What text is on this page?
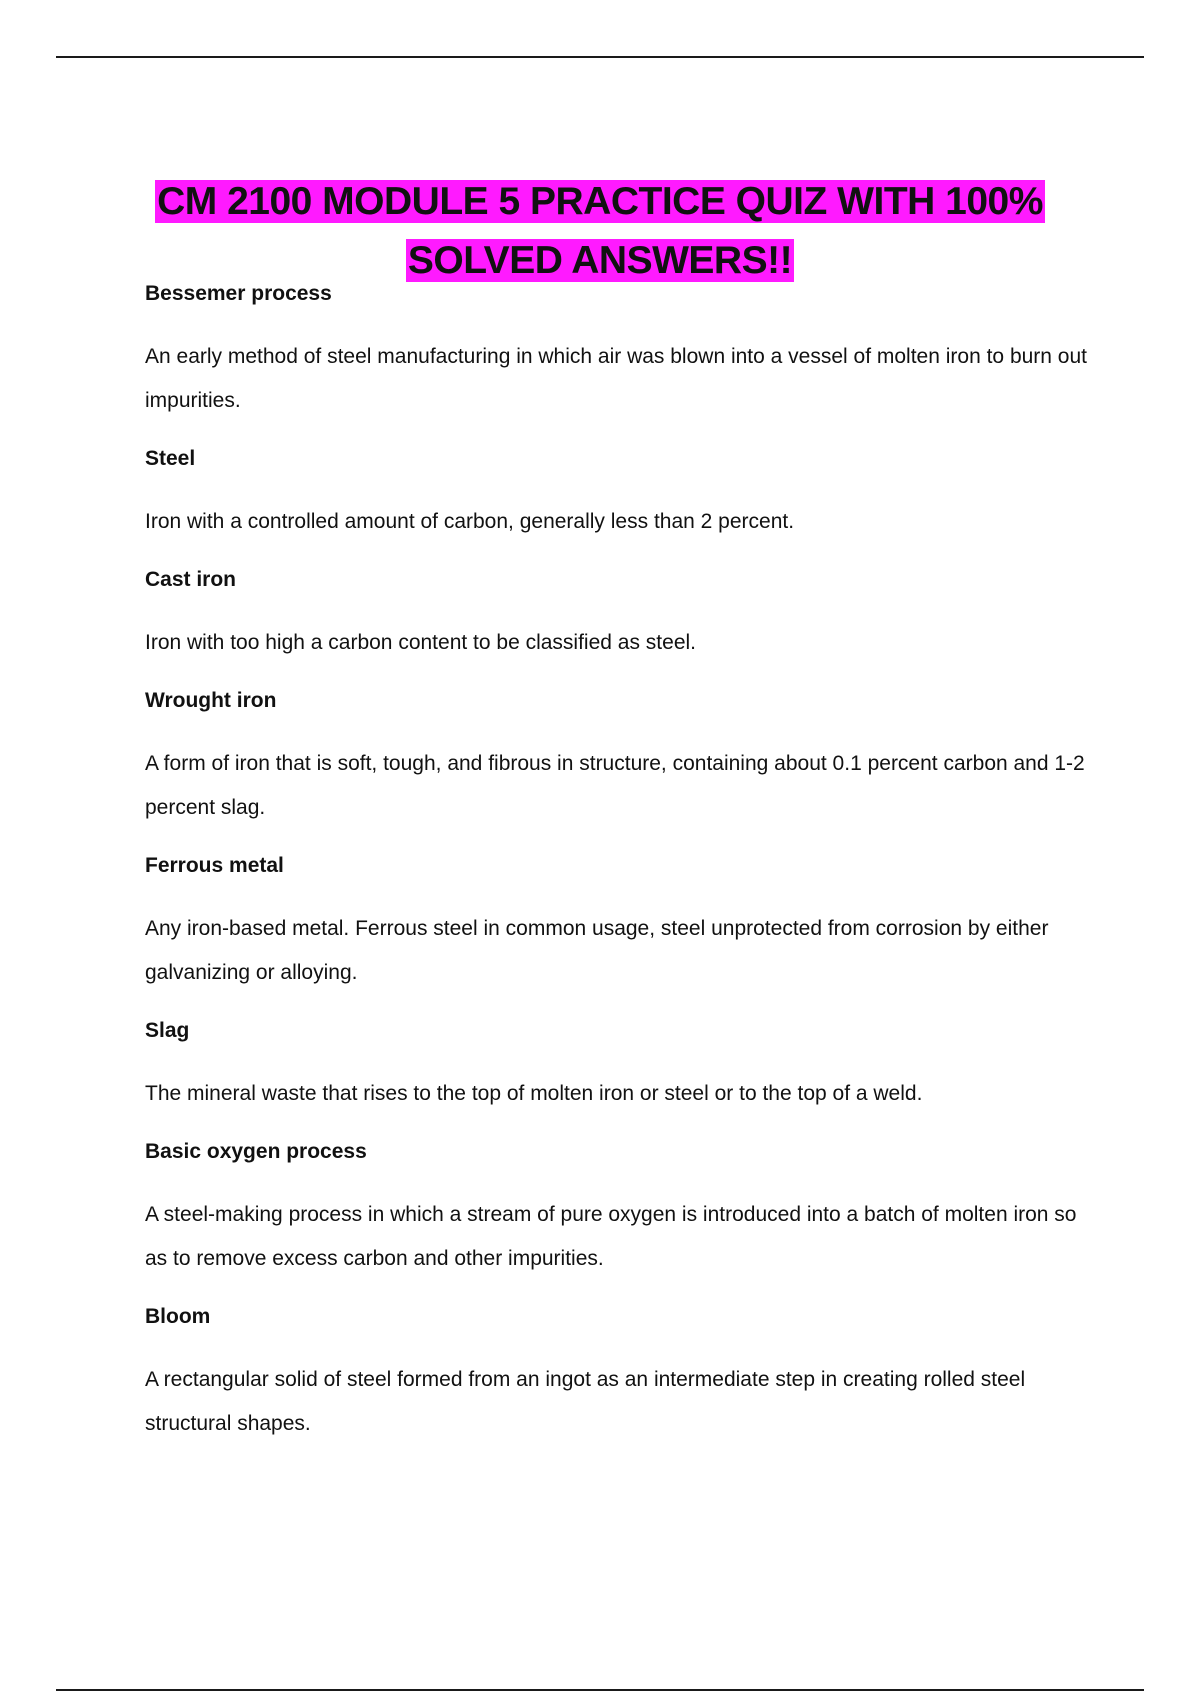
CM 2100 MODULE 5 PRACTICE QUIZ WITH 100% SOLVED ANSWERS!!

Bessemer process

An early method of steel manufacturing in which air was blown into a vessel of molten iron to burn out impurities.

Steel

Iron with a controlled amount of carbon, generally less than 2 percent.

Cast iron

Iron with too high a carbon content to be classified as steel.

Wrought iron

A form of iron that is soft, tough, and fibrous in structure, containing about 0.1 percent carbon and 1-2 percent slag.

Ferrous metal

Any iron-based metal. Ferrous steel in common usage, steel unprotected from corrosion by either galvanizing or alloying.

Slag

The mineral waste that rises to the top of molten iron or steel or to the top of a weld.

Basic oxygen process

A steel-making process in which a stream of pure oxygen is introduced into a batch of molten iron so as to remove excess carbon and other impurities.

Bloom

A rectangular solid of steel formed from an ingot as an intermediate step in creating rolled steel structural shapes.
